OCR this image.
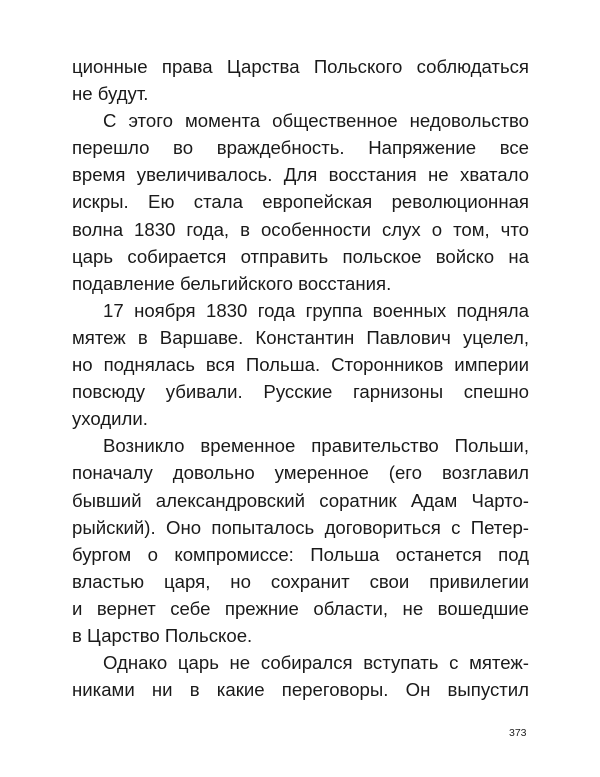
ционные права Царства Польского соблюдаться
не будут.
С этого момента общественное недовольство
перешло во враждебность. Напряжение все
время увеличивалось. Для восстания не хватало
искры. Ею стала европейская революционная
волна 1830 года, в особенности слух о том, что
царь собирается отправить польское войско на
подавление бельгийского восстания.
17 ноября 1830 года группа военных подняла
мятеж в Варшаве. Константин Павлович уцелел,
но поднялась вся Польша. Сторонников империи
повсюду убивали. Русские гарнизоны спешно
уходили.
Возникло временное правительство Польши,
поначалу довольно умеренное (его возглавил
бывший александровский соратник Адам Чарто-
рыйский). Оно попыталось договориться с Петер-
бургом о компромиссе: Польша останется под
властью царя, но сохранит свои привилегии
и вернет себе прежние области, не вошедшие
в Царство Польское.
Однако царь не собирался вступать с мятеж-
никами ни в какие переговоры. Он выпустил
373
